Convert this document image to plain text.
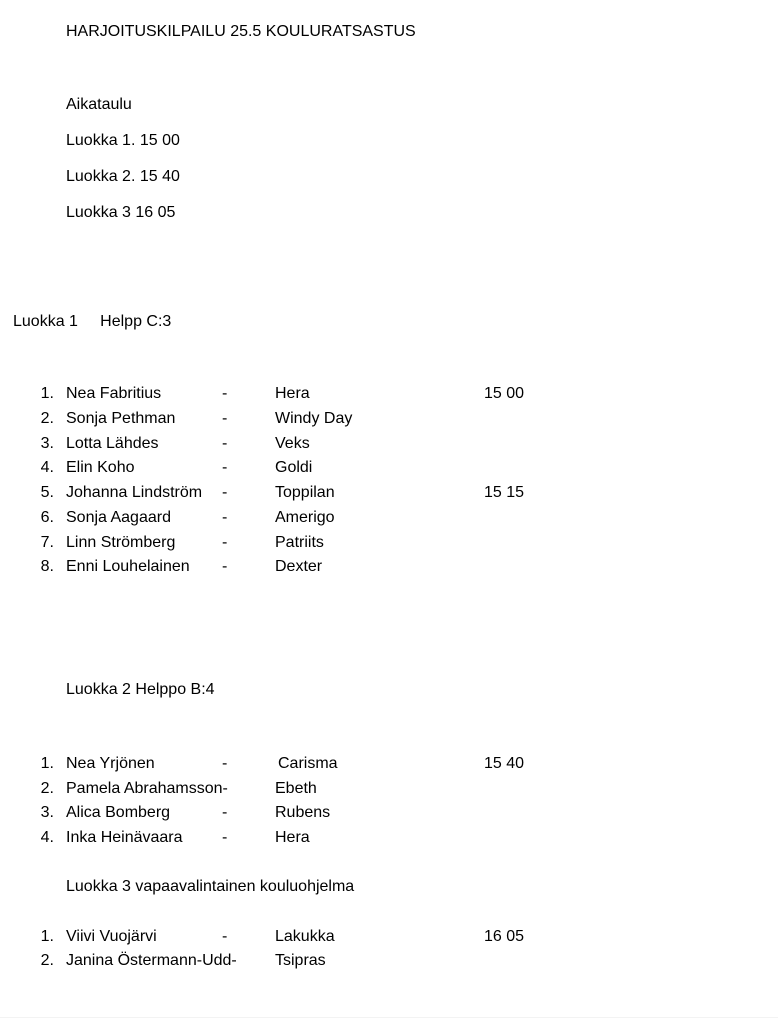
HARJOITUSKILPAILU 25.5 KOULURATSASTUS
Aikataulu
Luokka 1. 15 00
Luokka 2. 15 40
Luokka 3 16 05
Luokka 1     Helpp C:3
1. Nea Fabritius	-	Hera	15 00
2. Sonja Pethman	-	Windy Day
3. Lotta Lähdes	-	Veks
4. Elin Koho	-	Goldi
5. Johanna Lindström -	Toppilan	15 15
6. Sonja Aagaard	-	Amerigo
7. Linn Strömberg	-	Patriits
8. Enni Louhelainen -	Dexter
Luokka 2 Helppo B:4
1. Nea Yrjönen	-	Carisma	15 40
2. Pamela Abrahamsson-	Ebeth
3. Alica Bomberg	-	Rubens
4. Inka Heinävaara -	Hera
Luokka 3 vapaavalintainen kouluohjelma
1. Viivi Vuojärvi	-	Lakukka	16 05
2. Janina Östermann-Udd- Tsipras
